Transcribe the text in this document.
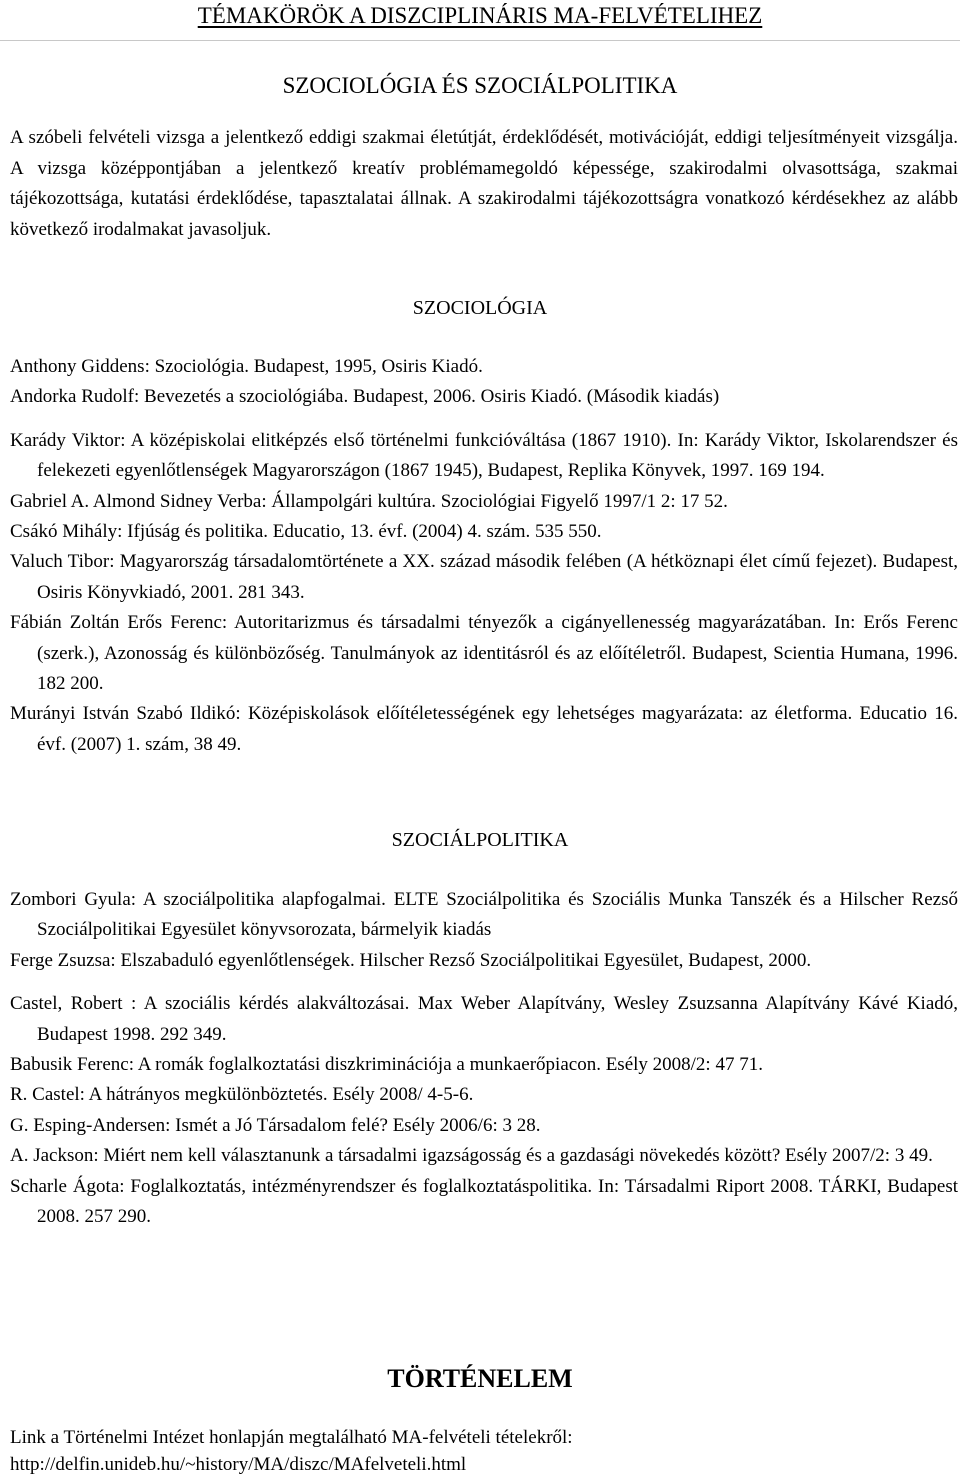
TÉMAKÖRÖK A DISZCIPLINÁRIS MA-FELVÉTELIHEZ
SZOCIOLÓGIA ÉS SZOCIÁLPOLITIKA
A szóbeli felvételi vizsga a jelentkező eddigi szakmai életútját, érdeklődését, motivációját, eddigi teljesítményeit vizsgálja. A vizsga középpontjában a jelentkező kreatív problémamegoldó képessége, szakirodalmi olvasottsága, szakmai tájékozottsága, kutatási érdeklődése, tapasztalatai állnak. A szakirodalmi tájékozottságra vonatkozó kérdésekhez az alább következő irodalmakat javasoljuk.
SZOCIOLÓGIA
Anthony Giddens: Szociológia. Budapest, 1995, Osiris Kiadó.
Andorka Rudolf: Bevezetés a szociológiába. Budapest, 2006. Osiris Kiadó. (Második kiadás)
Karády Viktor: A középiskolai elitképzés első történelmi funkcióváltása (1867 1910). In: Karády Viktor, Iskolarendszer és felekezeti egyenlőtlenségek Magyarországon (1867 1945), Budapest, Replika Könyvek, 1997. 169 194.
Gabriel A. Almond Sidney Verba: Állampolgári kultúra. Szociológiai Figyelő 1997/1 2: 17 52.
Csákó Mihály: Ifjúság és politika. Educatio, 13. évf. (2004) 4. szám. 535 550.
Valuch Tibor: Magyarország társadalomtörténete a XX. század második felében (A hétköznapi élet című fejezet). Budapest, Osiris Könyvkiadó, 2001. 281 343.
Fábián Zoltán Erős Ferenc: Autoritarizmus és társadalmi tényezők a cigányellenesség magyarázatában. In: Erős Ferenc (szerk.), Azonosság és különbözőség. Tanulmányok az identitásról és az előítéletről. Budapest, Scientia Humana, 1996. 182 200.
Murányi István Szabó Ildikó: Középiskolások előítéletességének egy lehetséges magyarázata: az életforma. Educatio 16. évf. (2007) 1. szám, 38 49.
SZOCIÁLPOLITIKA
Zombori Gyula: A szociálpolitika alapfogalmai. ELTE Szociálpolitika és Szociális Munka Tanszék és a Hilscher Rezső Szociálpolitikai Egyesület könyvsorozata, bármelyik kiadás
Ferge Zsuzsa: Elszabaduló egyenlőtlenségek. Hilscher Rezső Szociálpolitikai Egyesület, Budapest, 2000.
Castel, Robert : A szociális kérdés alakváltozásai. Max Weber Alapítvány, Wesley Zsuzsanna Alapítvány Kávé Kiadó, Budapest 1998. 292 349.
Babusik Ferenc: A romák foglalkoztatási diszkriminációja a munkaerőpiacon. Esély 2008/2: 47 71.
R. Castel: A hátrányos megkülönböztetés. Esély 2008/ 4-5-6.
G. Esping-Andersen: Ismét a Jó Társadalom felé? Esély 2006/6: 3 28.
A. Jackson: Miért nem kell választanunk a társadalmi igazságosság és a gazdasági növekedés között? Esély 2007/2: 3 49.
Scharle Ágota: Foglalkoztatás, intézményrendszer és foglalkoztatáspolitika. In: Társadalmi Riport 2008. TÁRKI, Budapest 2008. 257 290.
TÖRTÉNELEM
Link a Történelmi Intézet honlapján megtalálható MA-felvételi tételekről:
http://delfin.unideb.hu/~history/MA/diszc/MAfelveteli.html
